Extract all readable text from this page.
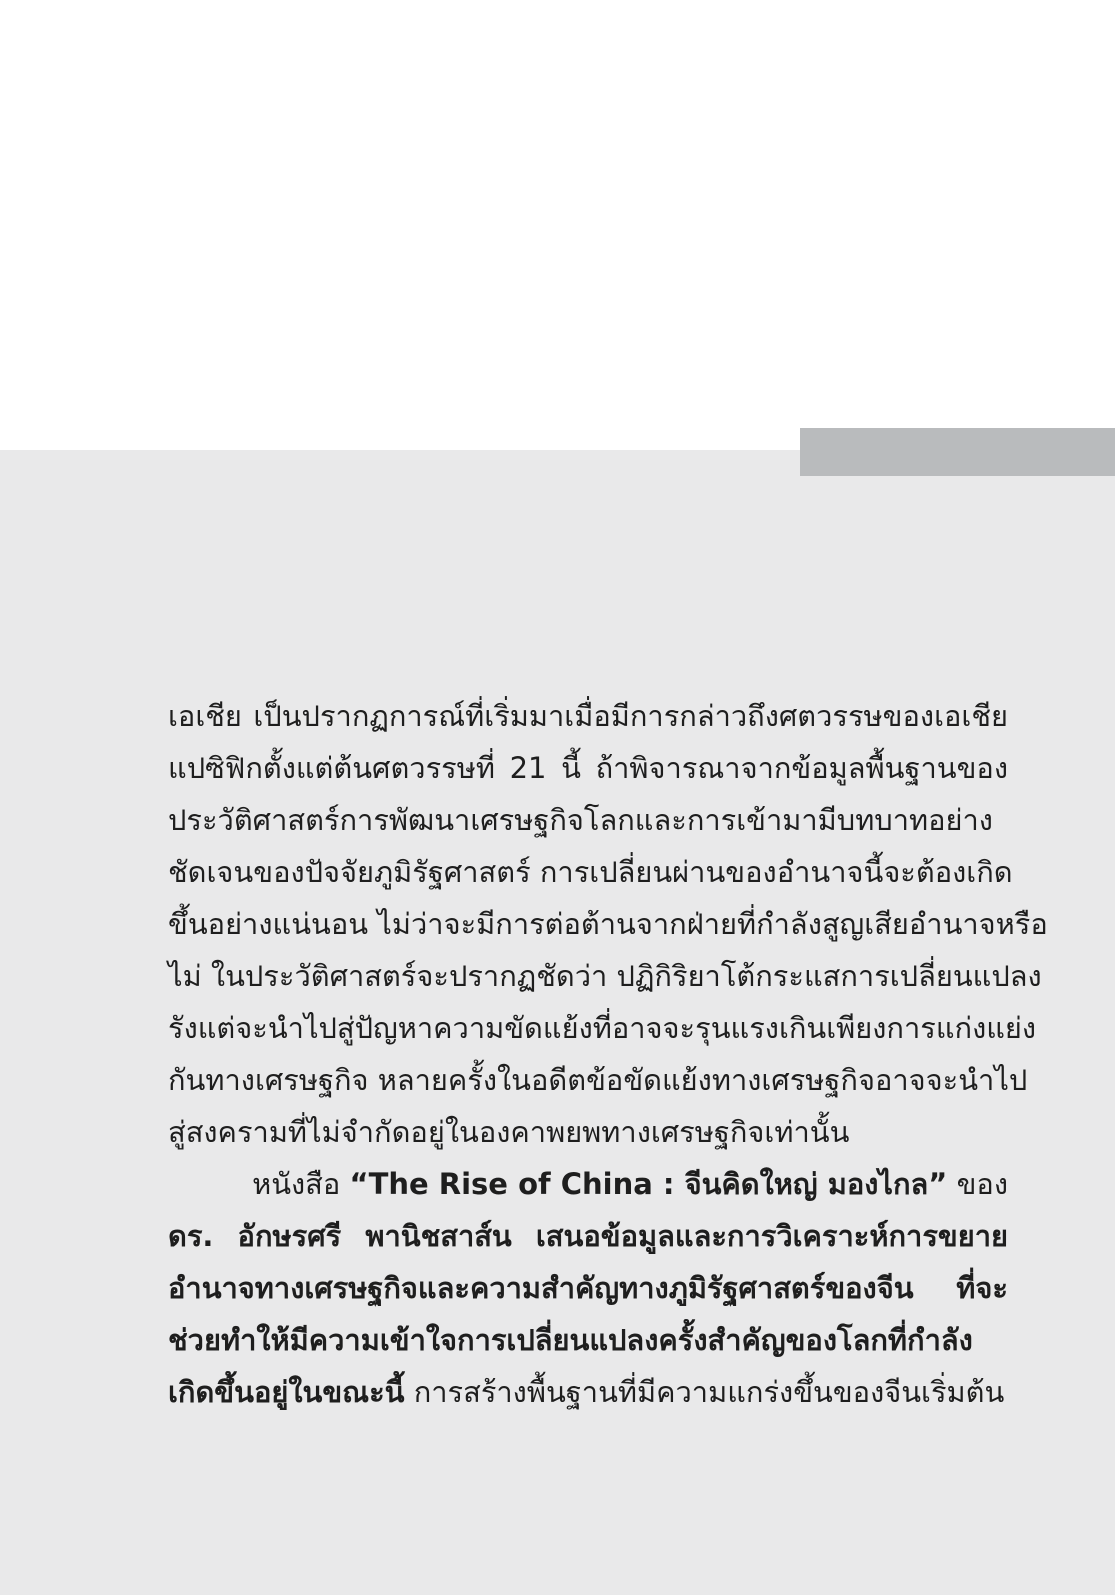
เอเชีย เป็นปรากฏการณ์ที่เริ่มมาเมื่อมีการกล่าวถึงศตวรรษของเอเชีย
แปซิฟิกตั้งแต่ต้นศตวรรษที่ 21 นี้ ถ้าพิจารณาจากข้อมูลพื้นฐานของ
ประวัติศาสตร์การพัฒนาเศรษฐกิจโลกและการเข้ามามีบทบาทอย่าง
ชัดเจนของปัจจัยภูมิรัฐศาสตร์ การเปลี่ยนผ่านของอำนาจนี้จะต้องเกิด
ขึ้นอย่างแน่นอน ไม่ว่าจะมีการต่อต้านจากฝ่ายที่กำลังสูญเสียอำนาจหรือ
ไม่ ในประวัติศาสตร์จะปรากฏชัดว่า ปฏิกิริยาโต้กระแสการเปลี่ยนแปลง
รังแต่จะนำไปสู่ปัญหาความขัดแย้งที่อาจจะรุนแรงเกินเพียงการแก่งแย่ง
กันทางเศรษฐกิจ หลายครั้งในอดีตข้อขัดแย้งทางเศรษฐกิจอาจจะนำไป
สู่สงครามที่ไม่จำกัดอยู่ในองคาพยพทางเศรษฐกิจเท่านั้น
หนังสือ “The Rise of China : จีนคิดใหญ่ มองไกล” ของ
ดร. อักษรศรี พานิชสาส์น เสนอข้อมูลและการวิเคราะห์การขยาย
อำนาจทางเศรษฐกิจและความสำคัญทางภูมิรัฐศาสตร์ของจีน ที่จะ
ช่วยทำให้มีความเข้าใจการเปลี่ยนแปลงครั้งสำคัญของโลกที่กำลัง
เกิดขึ้นอยู่ในขณะนี้ การสร้างพื้นฐานที่มีความแกร่งขึ้นของจีนเริ่มต้น
